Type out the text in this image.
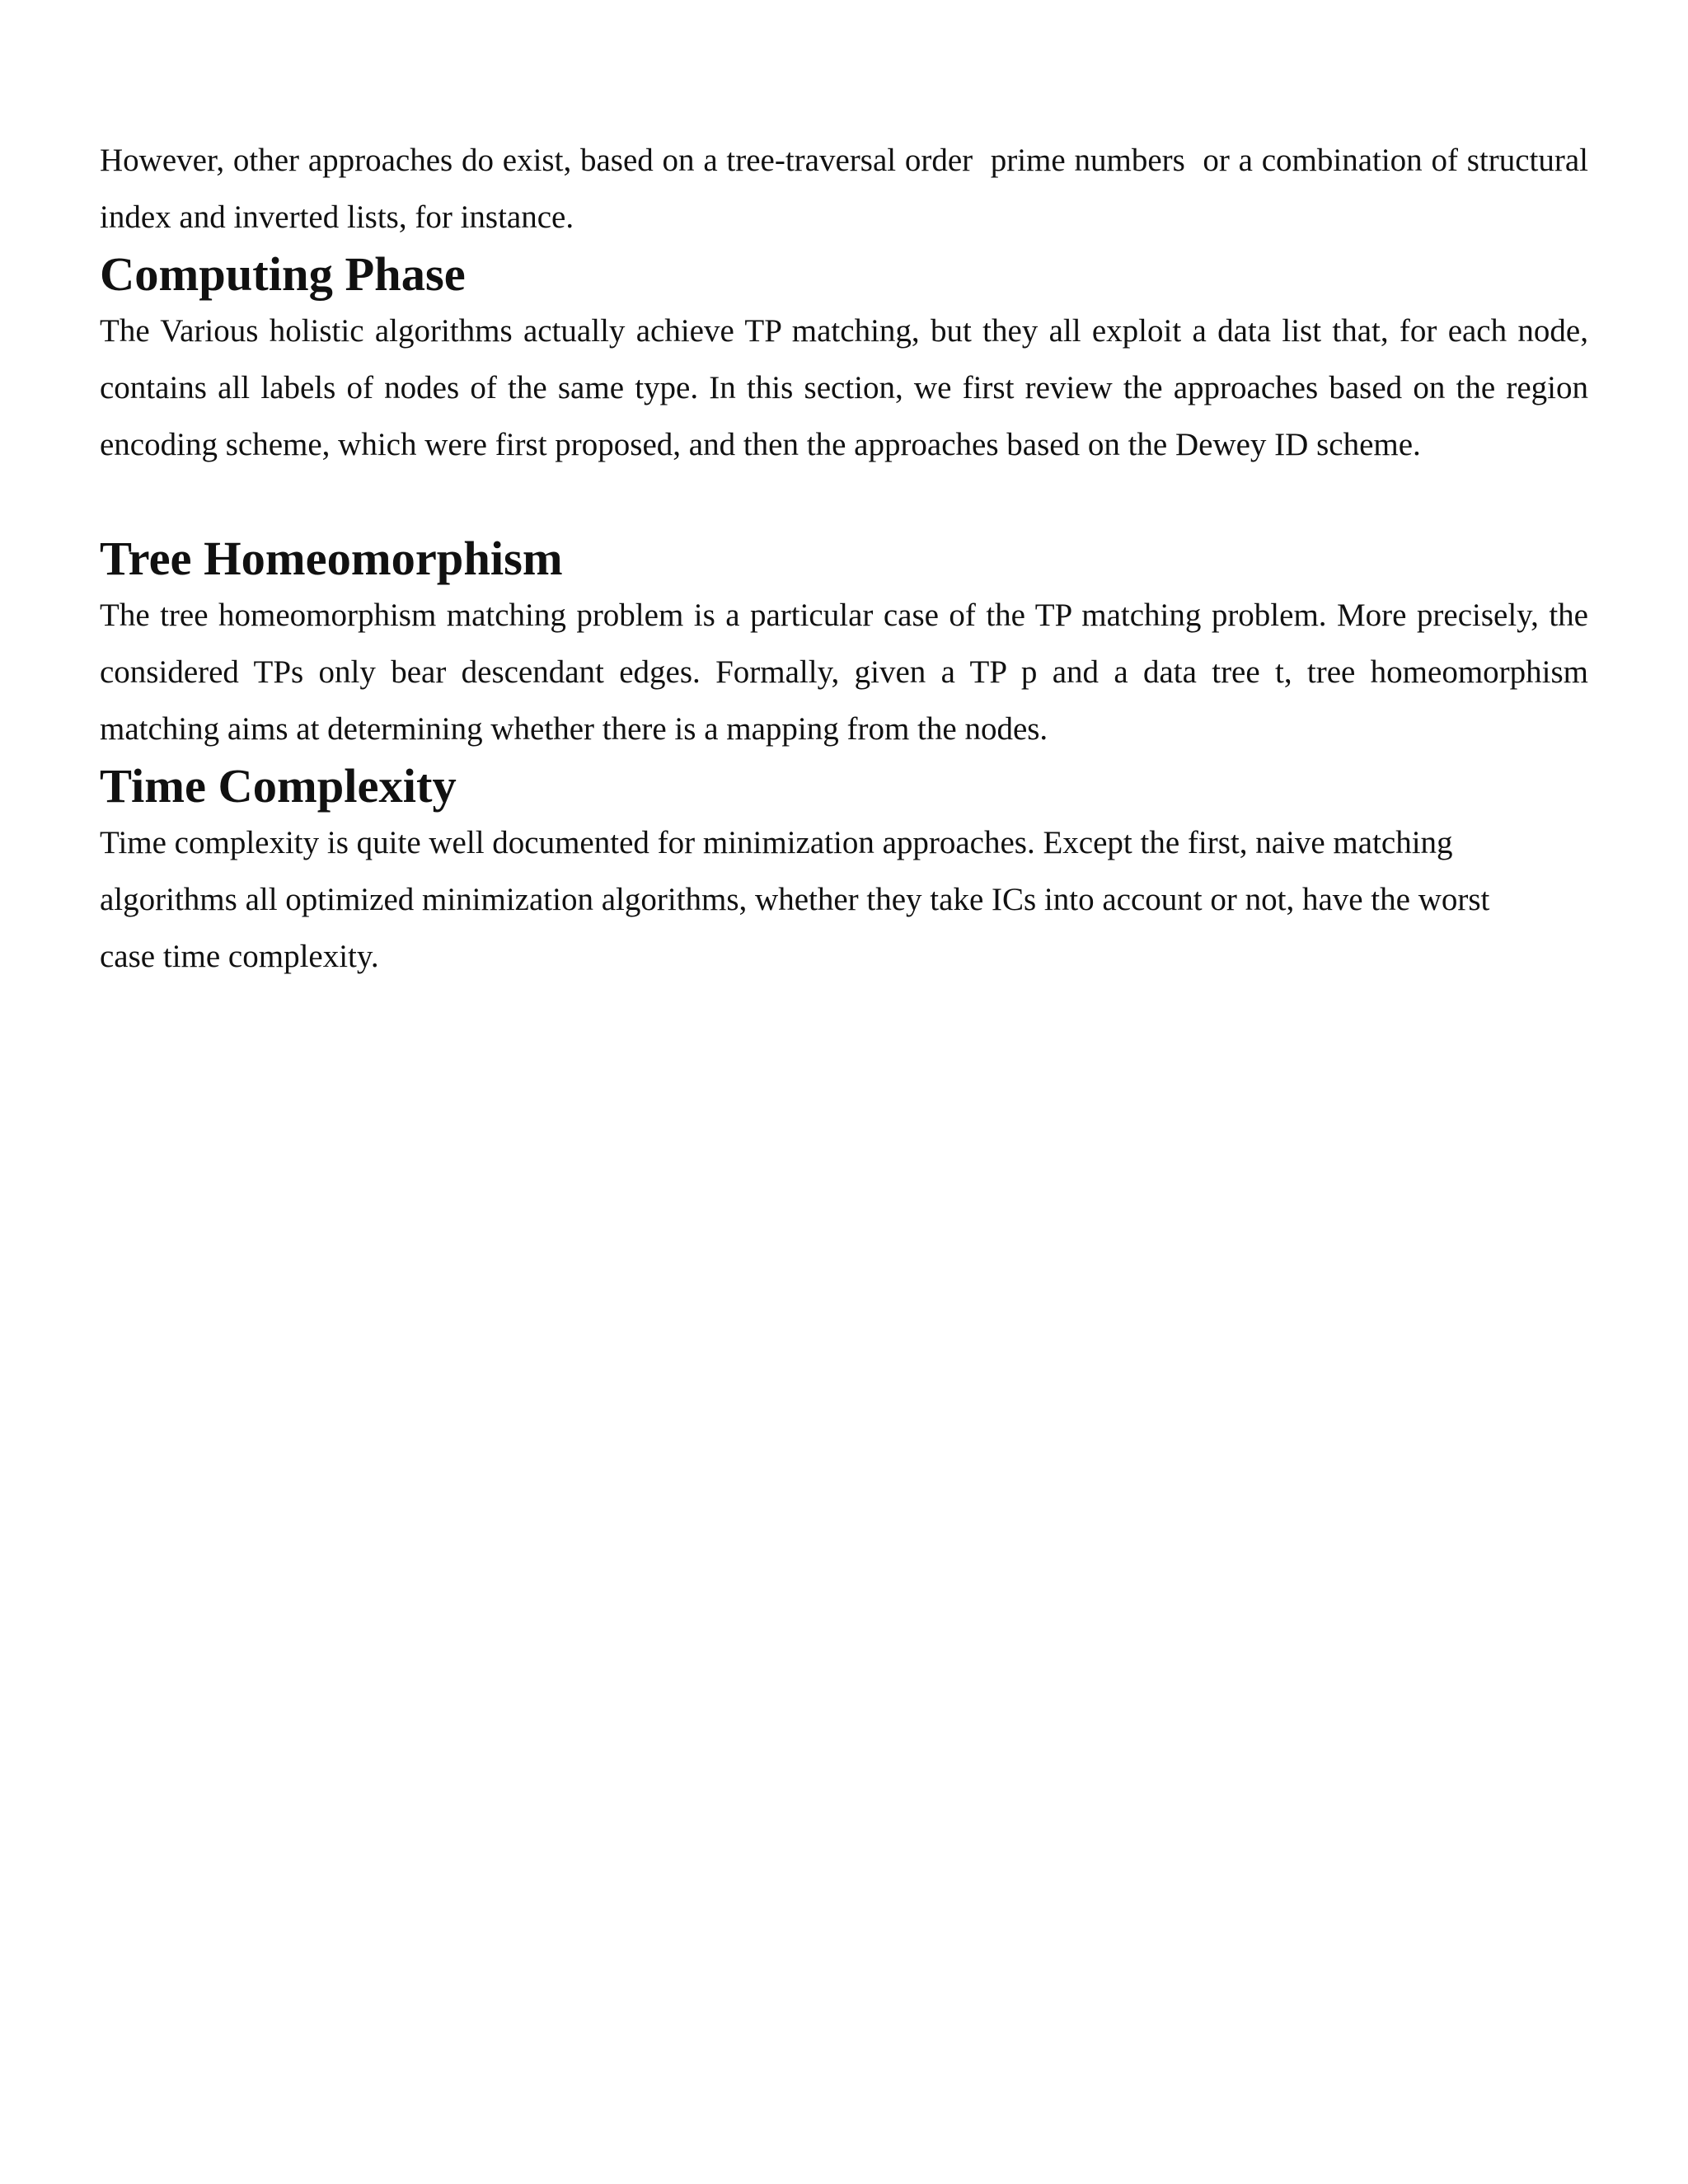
However, other approaches do exist, based on a tree-traversal order  prime numbers  or a combination of structural index and inverted lists, for instance.

Computing Phase

The Various holistic algorithms actually achieve TP matching, but they all exploit a data list that, for each node, contains all labels of nodes of the same type. In this section, we first review the approaches based on the region encoding scheme, which were first proposed, and then the approaches based on the Dewey ID scheme.

Tree Homeomorphism

The tree homeomorphism matching problem is a particular case of the TP matching problem. More precisely, the considered TPs only bear descendant edges. Formally, given a TP p and a data tree t, tree homeomorphism matching aims at determining whether there is a mapping from the nodes.

Time Complexity

Time complexity is quite well documented for minimization approaches. Except the first, naive matching algorithms all optimized minimization algorithms, whether they take ICs into account or not, have the worst case time complexity.
